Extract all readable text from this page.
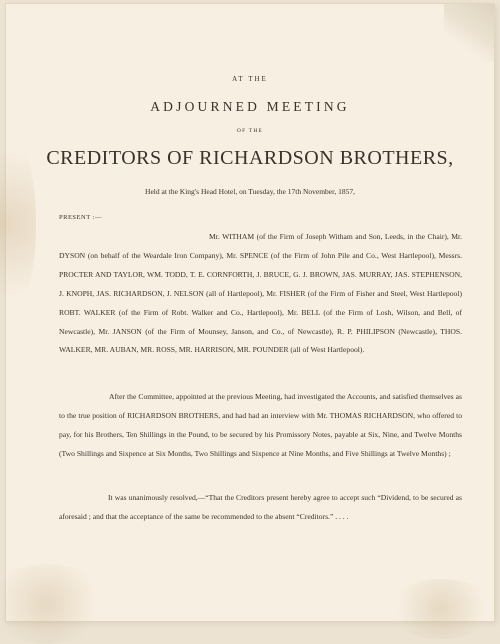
AT THE
ADJOURNED MEETING
OF THE
CREDITORS OF RICHARDSON BROTHERS,
Held at the King's Head Hotel, on Tuesday, the 17th November, 1857,
PRESENT :—

Mr. WITHAM (of the Firm of Joseph Witham and Son, Leeds, in the Chair), Mr. DYSON (on behalf of the Weardale Iron Company), Mr. SPENCE (of the Firm of John Pile and Co., West Hartlepool), Messrs. PROCTER AND TAYLOR, WM. TODD, T. E. CORNFORTH, J. BRUCE, G. J. BROWN, JAS. MURRAY, JAS. STEPHENSON, J. KNOPH, JAS. RICHARDSON, J. NELSON (all of Hartlepool), Mr. FISHER (of the Firm of Fisher and Steel, West Hartlepool) ROBT. WALKER (of the Firm of Robt. Walker and Co., Hartlepool), Mr. BELL (of the Firm of Losh, Wilson, and Bell, of Newcastle), Mr. JANSON (of the Firm of Mounsey, Janson, and Co., of Newcastle), R. P. PHILIPSON (Newcastle), THOS. WALKER, MR. AUBAN, MR. ROSS, MR. HARRISON, MR. POUNDER (all of West Hartlepool).

After the Committee, appointed at the previous Meeting, had investigated the Accounts, and satisfied themselves as to the true position of RICHARDSON BROTHERS, and had had an interview with Mr. THOMAS RICHARDSON, who offered to pay, for his Brothers, Ten Shillings in the Pound, to be secured by his Promissory Notes, payable at Six, Nine, and Twelve Months (Two Shillings and Sixpence at Six Months, Two Shillings and Sixpence at Nine Months, and Five Shillings at Twelve Months) ;

It was unanimously resolved,—“That the Creditors present hereby agree to accept such “Dividend, to be secured as aforesaid ; and that the acceptance of the same be recommended to the absent “Creditors.” . . . .
